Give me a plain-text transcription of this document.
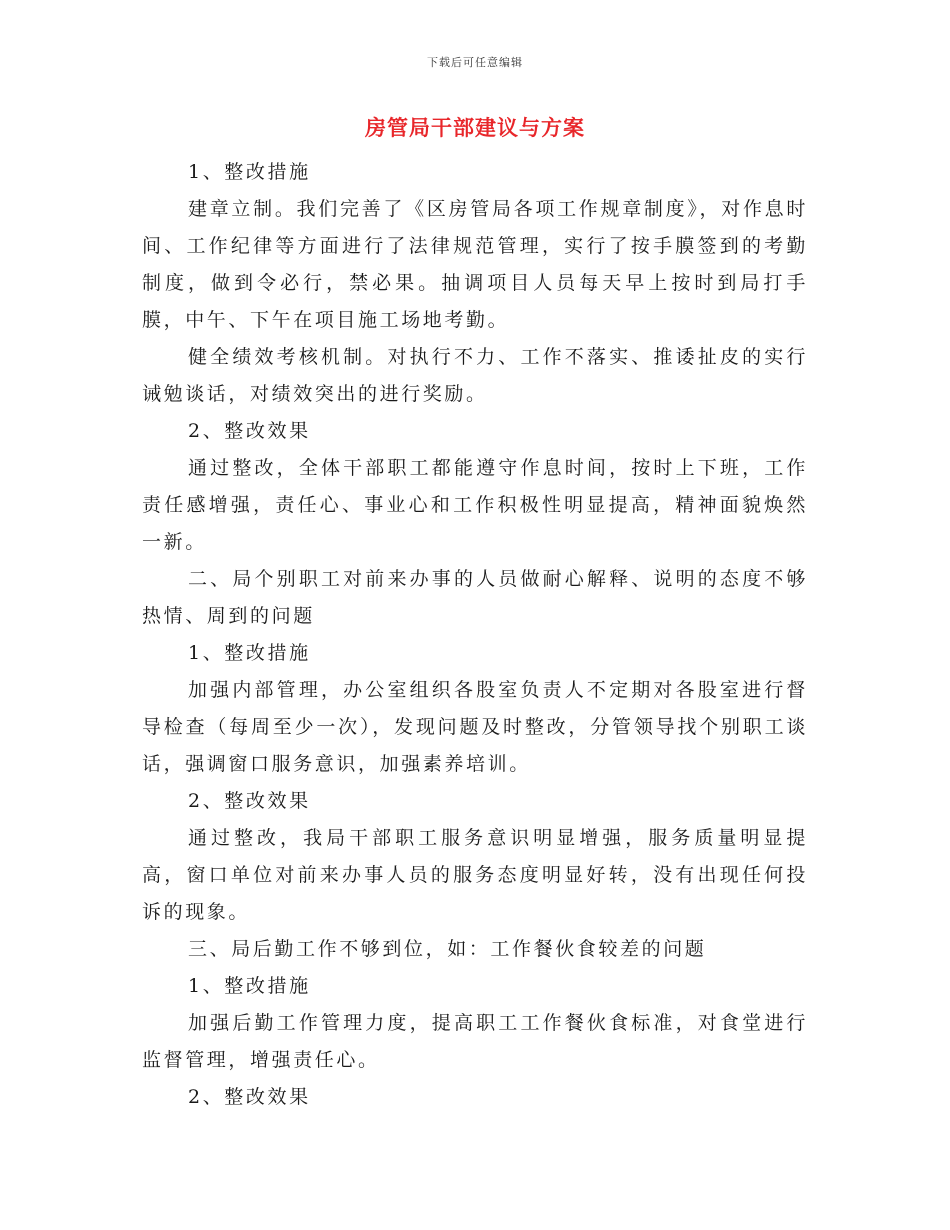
下载后可任意编辑
房管局干部建议与方案

1、整改措施

建章立制。我们完善了《区房管局各项工作规章制度》，对作息时间、工作纪律等方面进行了法律规范管理，实行了按手膜签到的考勤制度，做到令必行，禁必果。抽调项目人员每天早上按时到局打手膜，中午、下午在项目施工场地考勤。

健全绩效考核机制。对执行不力、工作不落实、推诿扯皮的实行诫勉谈话，对绩效突出的进行奖励。

2、整改效果

通过整改，全体干部职工都能遵守作息时间，按时上下班，工作责任感增强，责任心、事业心和工作积极性明显提高，精神面貌焕然一新。

二、局个别职工对前来办事的人员做耐心解释、说明的态度不够热情、周到的问题

1、整改措施

加强内部管理，办公室组织各股室负责人不定期对各股室进行督导检查（每周至少一次），发现问题及时整改，分管领导找个别职工谈话，强调窗口服务意识，加强素养培训。

2、整改效果

通过整改，我局干部职工服务意识明显增强，服务质量明显提高，窗口单位对前来办事人员的服务态度明显好转，没有出现任何投诉的现象。

三、局后勤工作不够到位，如：工作餐伙食较差的问题

1、整改措施

加强后勤工作管理力度，提高职工工作餐伙食标准，对食堂进行监督管理，增强责任心。

2、整改效果
